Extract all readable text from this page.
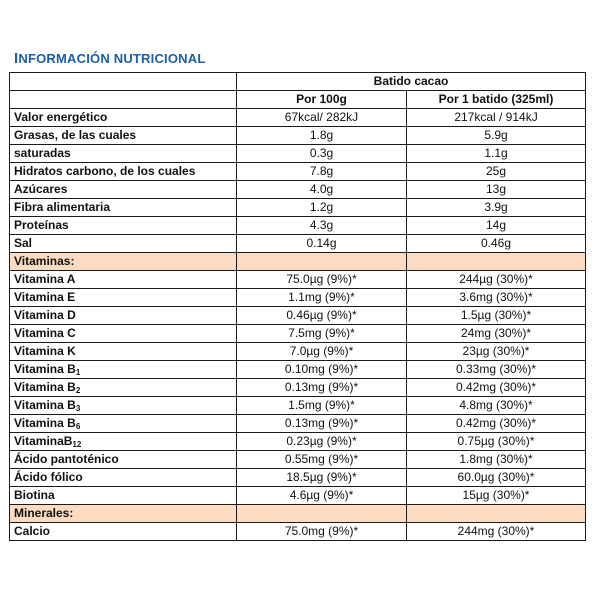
INFORMACIÓN NUTRICIONAL
	Batido cacao	
	Por 100g	Por 1 batido (325ml)
Valor energético	67kcal/ 282kJ	217kcal / 914kJ
Grasas, de las cuales	1.8g	5.9g
saturadas	0.3g	1.1g
Hidratos carbono, de los cuales	7.8g	25g
Azúcares	4.0g	13g
Fibra alimentaria	1.2g	3.9g
Proteínas	4.3g	14g
Sal	0.14g	0.46g
Vitaminas:		
Vitamina A	75.0µg (9%)*	244µg (30%)*
Vitamina E	1.1mg (9%)*	3.6mg (30%)*
Vitamina D	0.46µg (9%)*	1.5µg (30%)*
Vitamina C	7.5mg (9%)*	24mg (30%)*
Vitamina K	7.0µg (9%)*	23µg (30%)*
Vitamina $B_1$	0.10mg (9%)*	0.33mg (30%)*
Vitamina $B_2$	0.13mg (9%)*	0.42mg (30%)*
Vitamina $B_3$	1.5mg (9%)*	4.8mg (30%)*
Vitamina $B_6$	0.13mg (9%)*	0.42mg (30%)*
VitaminaB$_{12}$	0.23µg (9%)*	0.75µg (30%)*
Ácido pantoténico	0.55mg (9%)*	1.8mg (30%)*
Ácido fólico	18.5µg (9%)*	60.0µg (30%)*
Biotina	4.6µg (9%)*	15µg (30%)*
Minerales:		
Calcio	75.0mg (9%)*	244mg (30%)*
